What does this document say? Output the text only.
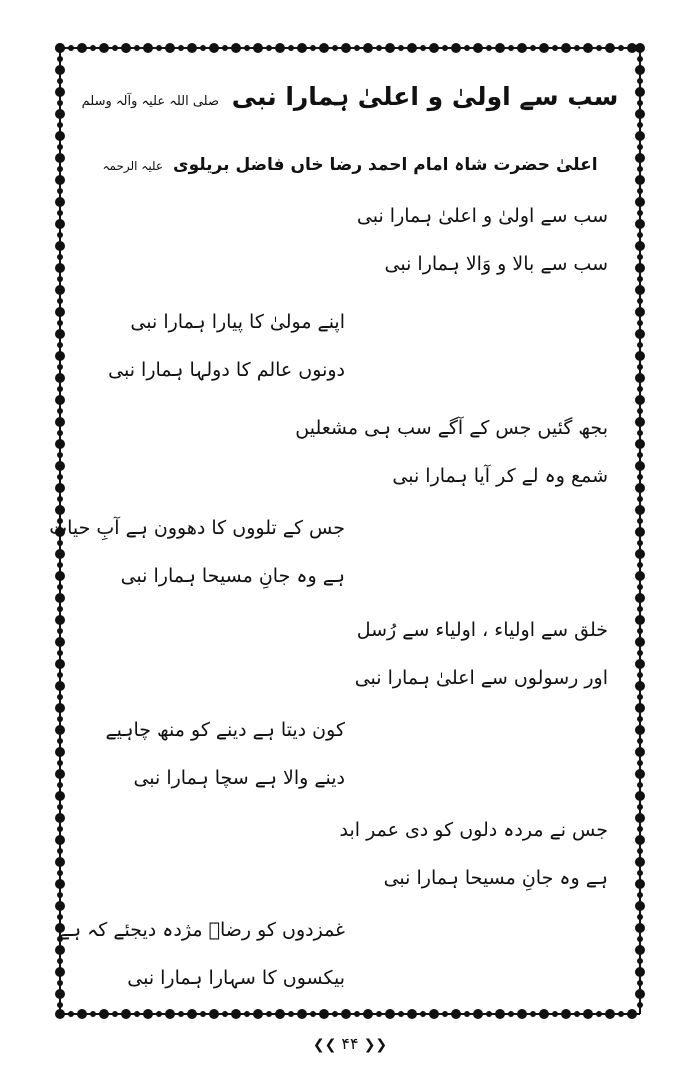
سب سے اولیٰ و اعلیٰ ہمارا نبی صلی اللہ علیہ وآلہ وسلم
اعلیٰ حضرت شاہ امام احمد رضا خاں فاضل بریلوی علیہ الرحمہ
سب سے اولیٰ و اعلیٰ ہمارا نبی
سب سے بالا و وَالا ہمارا نبی
اپنے مولیٰ کا پیارا ہمارا نبی
دونوں عالم کا دولہا ہمارا نبی
بجھ گئیں جس کے آگے سب ہی مشعلیں
شمع وہ لے کر آیا ہمارا نبی
جس کے تلووں کا دھوون ہے آبِ حیات
ہے وہ جانِ مسیحا ہمارا نبی
خلق سے اولیاء ، اولیاء سے رُسل
اور رسولوں سے اعلیٰ ہمارا نبی
کون دیتا ہے دینے کو منھ چاہیے
دینے والا ہے سچا ہمارا نبی
جس نے مردہ دلوں کو دی عمر ابد
ہے وہ جانِ مسیحا ہمارا نبی
غمزدوں کو رضاؔ مژدہ دیجئے کہ ہے
بیکسوں کا سہارا ہمارا نبی
❮❮ ۴۴ ❯❯
